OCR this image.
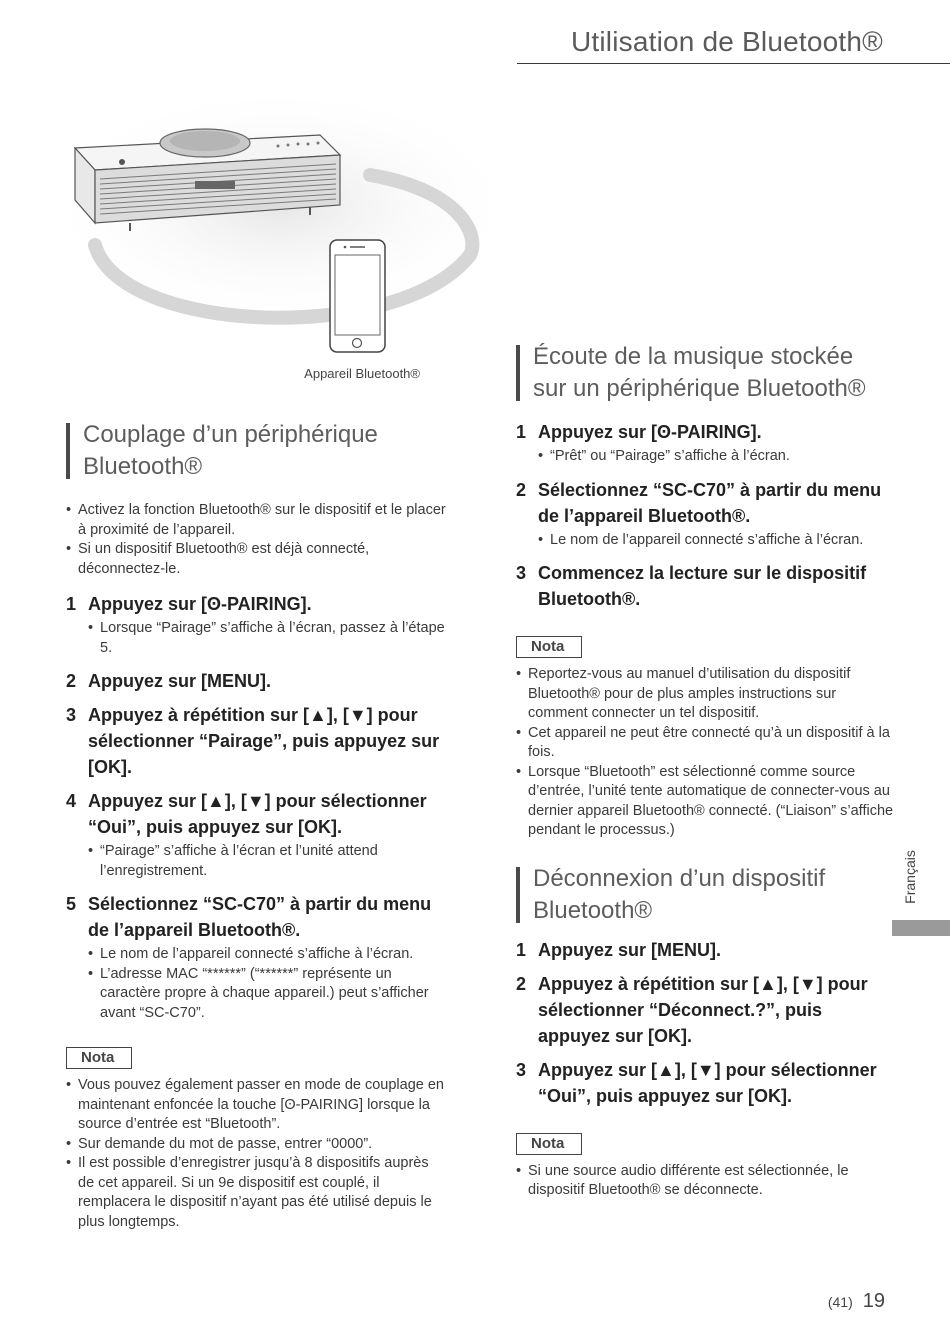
Utilisation de Bluetooth®
Appareil Bluetooth®
Couplage d’un périphérique
Bluetooth®
• Activez la fonction Bluetooth® sur le dispositif et le placer à proximité de l’appareil.
• Si un dispositif Bluetooth® est déjà connecté, déconnectez-le.
1 Appuyez sur [ʘ-PAIRING].
• Lorsque “Pairage” s’affiche à l’écran, passez à l’étape 5.
2 Appuyez sur [MENU].
3 Appuyez à répétition sur [▲], [▼] pour sélectionner “Pairage”, puis appuyez sur [OK].
4 Appuyez sur [▲], [▼] pour sélectionner “Oui”, puis appuyez sur [OK].
• “Pairage” s’affiche à l’écran et l’unité attend l’enregistrement.
5 Sélectionnez “SC-C70” à partir du menu de l’appareil Bluetooth®.
• Le nom de l’appareil connecté s’affiche à l’écran.
• L’adresse MAC “******” (“******” représente un caractère propre à chaque appareil.) peut s’afficher avant “SC-C70”.
Nota
• Vous pouvez également passer en mode de couplage en maintenant enfoncée la touche [ʘ-PAIRING] lorsque la source d’entrée est “Bluetooth”.
• Sur demande du mot de passe, entrer “0000”.
• Il est possible d’enregistrer jusqu’à 8 dispositifs auprès de cet appareil. Si un 9e dispositif est couplé, il remplacera le dispositif n’ayant pas été utilisé depuis le plus longtemps.
Écoute de la musique stockée
sur un périphérique Bluetooth®
1 Appuyez sur [ʘ-PAIRING].
• “Prêt” ou “Pairage” s’affiche à l’écran.
2 Sélectionnez “SC-C70” à partir du menu de l’appareil Bluetooth®.
• Le nom de l’appareil connecté s’affiche à l’écran.
3 Commencez la lecture sur le dispositif Bluetooth®.
Nota
• Reportez-vous au manuel d’utilisation du dispositif Bluetooth® pour de plus amples instructions sur comment connecter un tel dispositif.
• Cet appareil ne peut être connecté qu’à un dispositif à la fois.
• Lorsque “Bluetooth” est sélectionné comme source d’entrée, l’unité tente automatique de connecter-vous au dernier appareil Bluetooth® connecté. (“Liaison” s’affiche pendant le processus.)
Déconnexion d’un dispositif
Bluetooth®
1 Appuyez sur [MENU].
2 Appuyez à répétition sur [▲], [▼] pour sélectionner “Déconnect.?”, puis appuyez sur [OK].
3 Appuyez sur [▲], [▼] pour sélectionner “Oui”, puis appuyez sur [OK].
Nota
• Si une source audio différente est sélectionnée, le dispositif Bluetooth® se déconnecte.
Français
(41) 19
